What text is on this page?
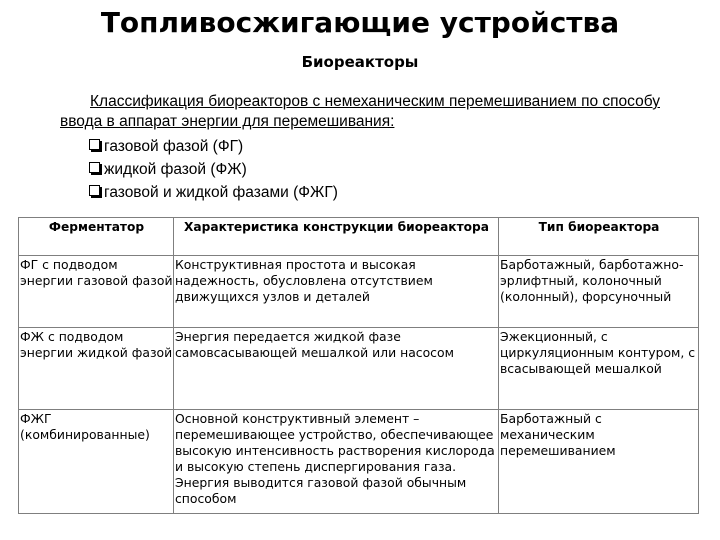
Топливосжигающие устройства
Биореакторы

Классификация биореакторов с немеханическим перемешиванием по способу ввода в аппарат энергии для перемешивания:

газовой фазой (ФГ)
жидкой фазой (ФЖ)
газовой и жидкой фазами (ФЖГ)
Ферментатор	Характеристика конструкции биореактора	Тип биореактора
ФГ с подводом энергии газовой фазой	Конструктивная простота и высокая надежность, обусловлена отсутствием движущихся узлов и деталей	Барботажный, барботажно-эрлифтный, колоночный (колонный), форсуночный
ФЖ с подводом энергии жидкой фазой	Энергия передается жидкой фазе самовсасывающей мешалкой или насосом	Эжекционный, с циркуляционным контуром, с всасывающей мешалкой
ФЖГ (комбинированные)	Основной конструктивный элемент – перемешивающее устройство, обеспечивающее высокую интенсивность растворения кислорода и высокую степень диспергирования газа. Энергия выводится газовой фазой обычным способом	Барботажный с механическим перемешиванием
